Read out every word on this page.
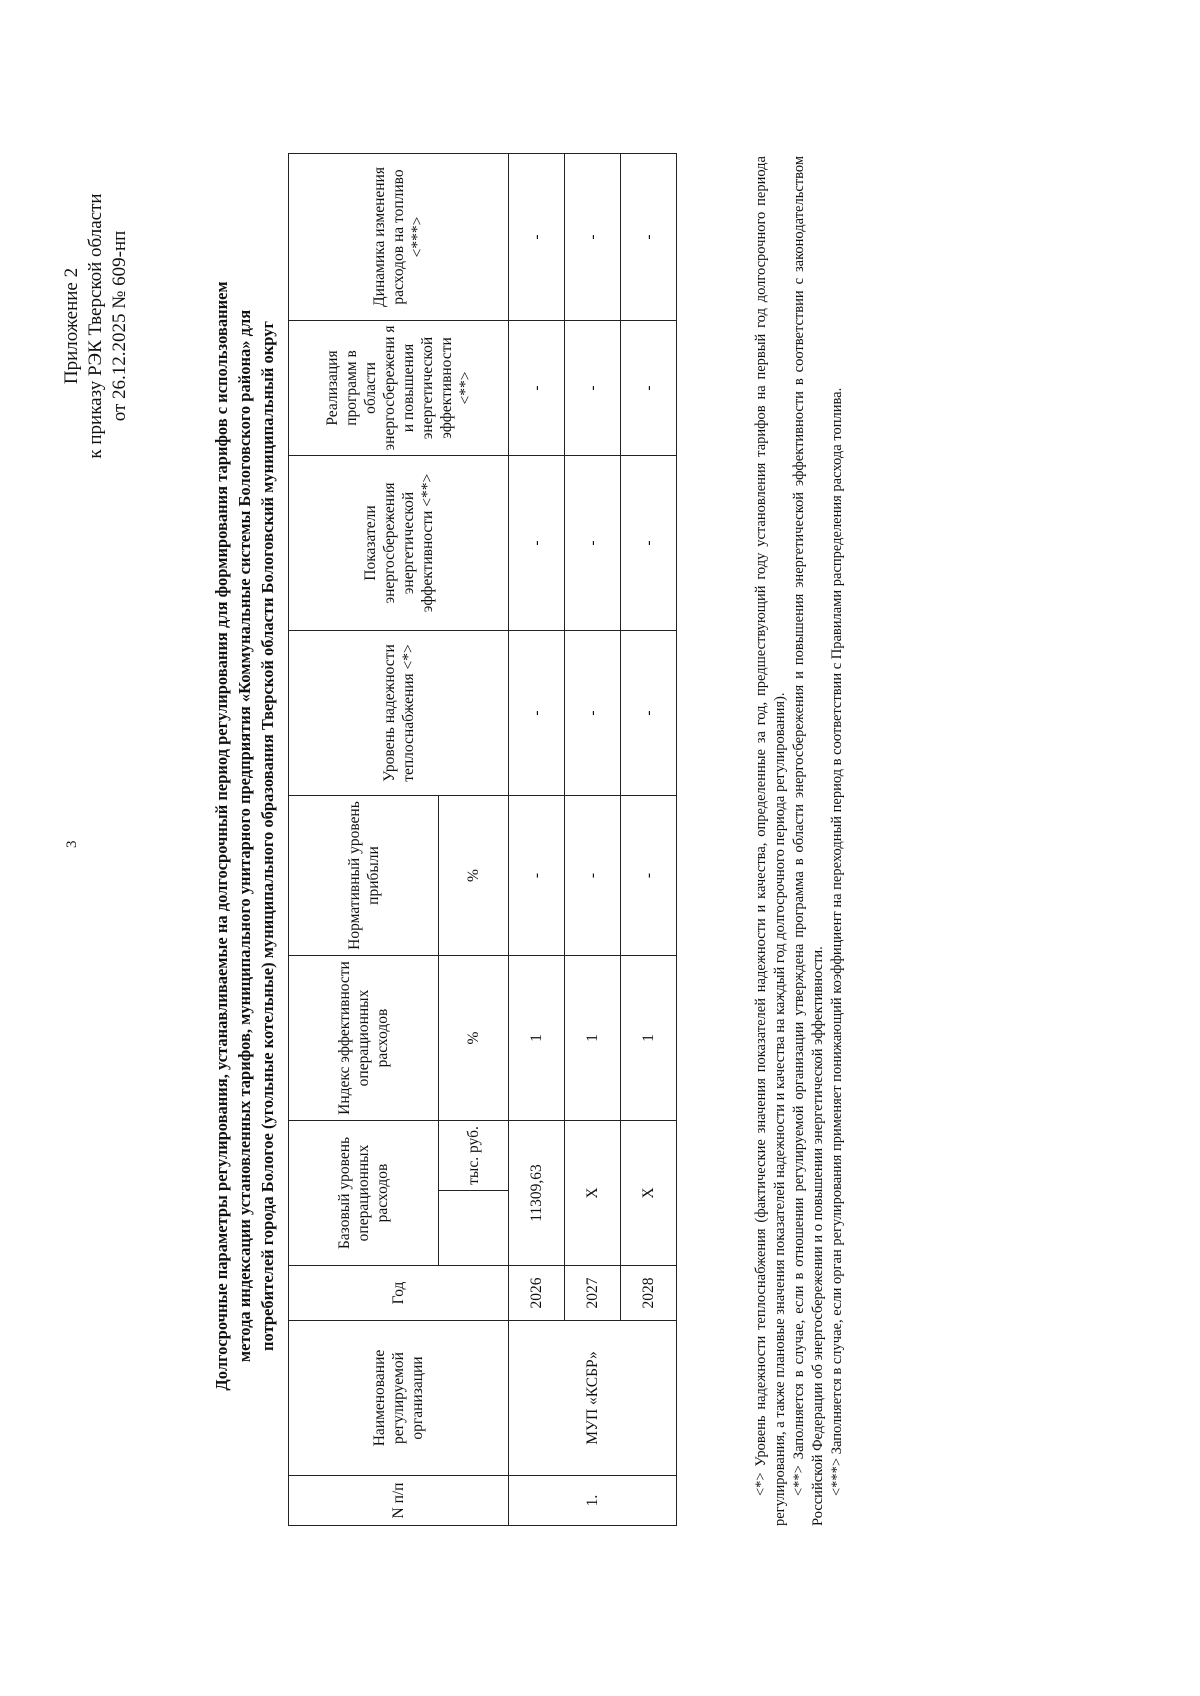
3
Приложение 2 к приказу РЭК Тверской области от 26.12.2025 № 609-нп	Долгосрочные параметры регулирования, устанавливаемые на долгосрочный период регулирования для формирования тарифов с использованием метода индексации установленных тарифов, муниципального унитарного предприятия «Коммунальные системы Бологовского района» для потребителей города Бологое (угольные котельные) муниципального образования Тверской области Бологовский муниципальный округ
N п/п	Наименование регулируемой организации	Год	Базовый уровень операционных расходов		Индекс эффективности операционных расходов	Нормативный уровень прибыли	Уровень надежности теплоснабжения <*>	Показатели энергосбережения энергетической эффективности <**>	Реализация программ в области энергосбережени я и повышения энергетической эффективности <**>	Динамика изменения расходов на топливо <***>
				тыс. руб.	%	%				
1.	МУП «КСБР»	2026	11309,63		1	-	-	-	-	-
		2027	Х		1	-	-	-	-	-
		2028	Х		1	-	-	-	-	-	<*> Уровень надежности теплоснабжения (фактические значения показателей надежности и качества, определенные за год, предшествующий году установления тарифов на первый год долгосрочного периода регулирования, а также плановые значения показателей надежности и качества на каждый год долгосрочного периода регулирования). <**> Заполняется в случае, если в отношении регулируемой организации утверждена программа в области энергосбережения и повышения энергетической эффективности в соответствии с законодательством Российской Федерации об энергосбережении и о повышении энергетической эффективности. <***> Заполняется в случае, если орган регулирования применяет понижающий коэффициент на переходный период в соответствии с Правилами распределения расхода топлива.
